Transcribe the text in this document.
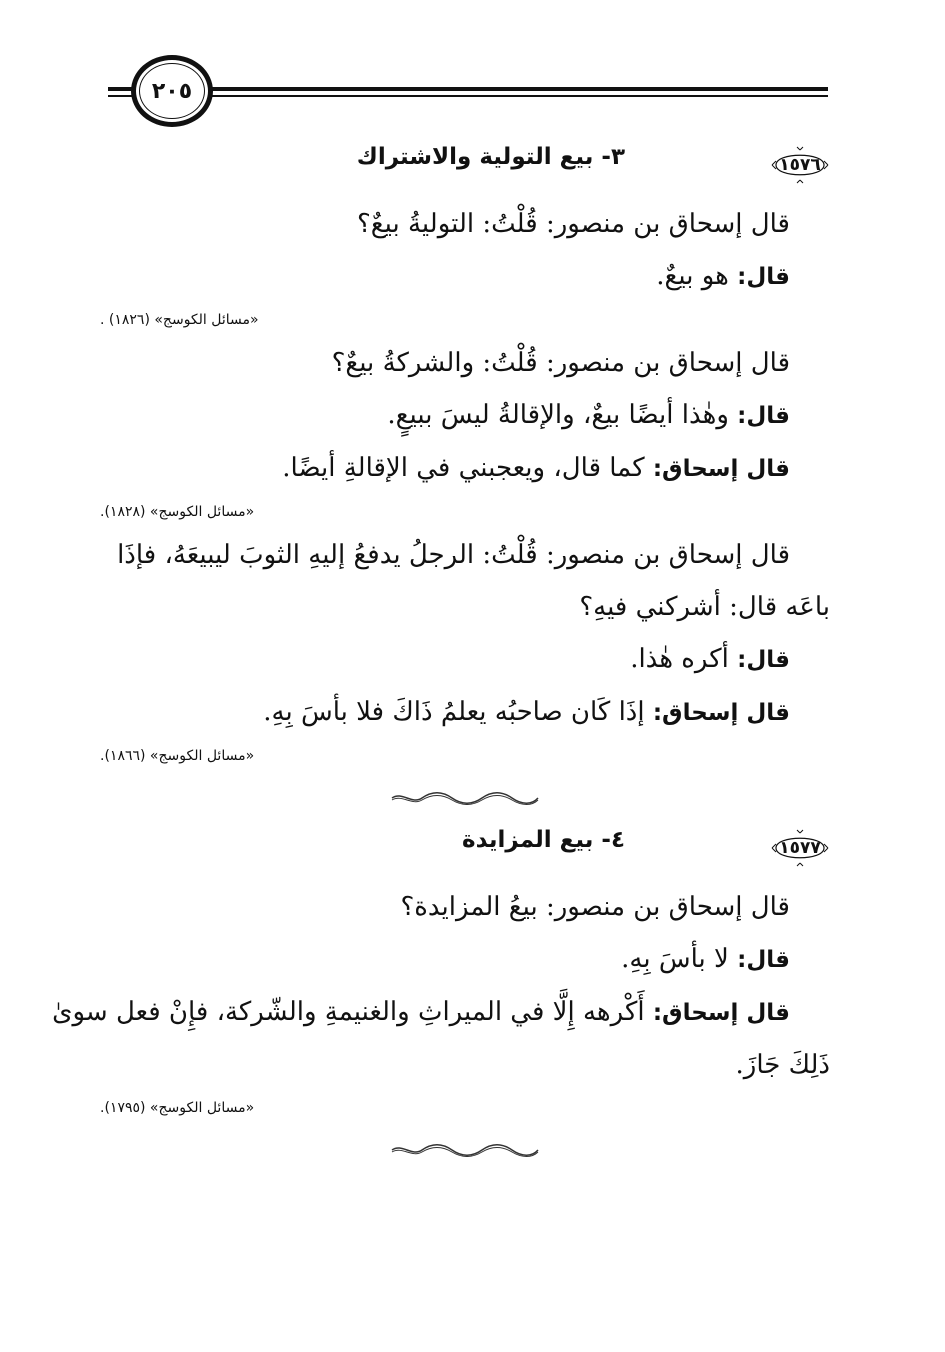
٢٠٥
١٥٧٦
٣- بيع التولية والاشتراك
قال إسحاق بن منصور: قُلْتُ: التوليةُ بيعٌ؟
قال: هو بيعٌ.
«مسائل الكوسج» (١٨٢٦) .
قال إسحاق بن منصور: قُلْتُ: والشركةُ بيعٌ؟
قال: وهٰذا أيضًا بيعٌ، والإقالةُ ليسَ ببيعٍ.
قال إسحاق: كما قال، ويعجبني في الإقالةِ أيضًا.
«مسائل الكوسج» (١٨٢٨).
قال إسحاق بن منصور: قُلْتُ: الرجلُ يدفعُ إليهِ الثوبَ ليبيعَهُ، فإذَا
باعَه قال: أشركني فيهِ؟
قال: أكره هٰذا.
قال إسحاق: إذَا كَان صاحبُه يعلمُ ذَاكَ فلا بأسَ بِهِ.
«مسائل الكوسج» (١٨٦٦).
١٥٧٧
٤- بيع المزايدة
قال إسحاق بن منصور: بيعُ المزايدة؟
قال: لا بأسَ بِهِ.
قال إسحاق: أَكْرهه إِلَّا في الميراثِ والغنيمةِ والشّركة، فإِنْ فعل سوىٰ
ذَلِكَ جَازَ.
«مسائل الكوسج» (١٧٩٥).
